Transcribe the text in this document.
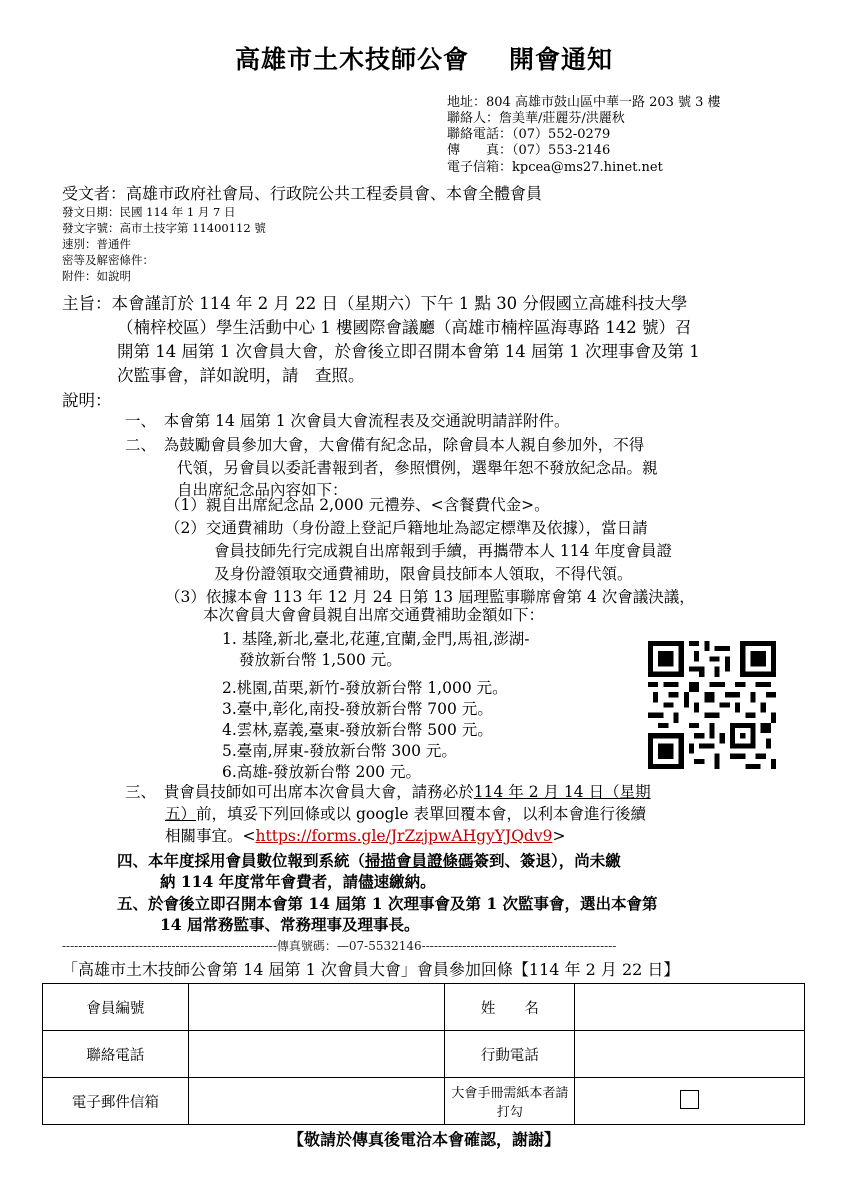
高雄市土木技師公會 開會通知
地址：804 高雄市鼓山區中華一路 203 號 3 樓
聯絡人：詹美華/莊麗芬/洪麗秋
聯絡電話：（07）552-0279
傳　　真：（07）553-2146
電子信箱：kpcea@ms27.hinet.net
受文者：高雄市政府社會局、行政院公共工程委員會、本會全體會員
發文日期：民國 114 年 1 月 7 日
發文字號：高市土技字第 11400112 號
速別：普通件
密等及解密條件：
附件：如說明
主旨：本會謹訂於 114 年 2 月 22 日（星期六）下午 1 點 30 分假國立高雄科技大學
（楠梓校區）學生活動中心 1 樓國際會議廳（高雄市楠梓區海專路 142 號）召
開第 14 屆第 1 次會員大會，於會後立即召開本會第 14 屆第 1 次理事會及第 1
次監事會，詳如說明，請　查照。
說明：
一、　本會第 14 屆第 1 次會員大會流程表及交通說明請詳附件。
二、　為鼓勵會員參加大會，大會備有紀念品，除會員本人親自參加外，不得
代領，另會員以委託書報到者，參照慣例，選舉年恕不發放紀念品。親
自出席紀念品內容如下：
（1）親自出席紀念品 2,000 元禮券、<含餐費代金>。
（2）交通費補助（身份證上登記戶籍地址為認定標準及依據），當日請
會員技師先行完成親自出席報到手續，再攜帶本人 114 年度會員證
及身份證領取交通費補助，限會員技師本人領取，不得代領。
（3）依據本會 113 年 12 月 24 日第 13 屆理監事聯席會第 4 次會議決議，
本次會員大會會員親自出席交通費補助金額如下：
1. 基隆,新北,臺北,花蓮,宜蘭,金門,馬祖,澎湖-
發放新台幣 1,500 元。
2.桃園,苗栗,新竹-發放新台幣 1,000 元。
3.臺中,彰化,南投-發放新台幣 700 元。
4.雲林,嘉義,臺東-發放新台幣 500 元。
5.臺南,屏東-發放新台幣 300 元。
6.高雄-發放新台幣 200 元。
三、　貴會員技師如可出席本次會員大會，請務必於114 年 2 月 14 日（星期
五）前，填妥下列回條或以 google 表單回覆本會，以利本會進行後續
相關事宜。<https://forms.gle/JrZzjpwAHgyYJQdv9>
四、本年度採用會員數位報到系統（掃描會員證條碼簽到、簽退），尚未繳
納 114 年度常年會費者，請儘速繳納。
五、於會後立即召開本會第 14 屆第 1 次理事會及第 1 次監事會，選出本會第
14 屆常務監事、常務理事及理事長。
-----------------------------------------------------傳真號碼：—07-5532146------------------------------------------------
「高雄市土木技師公會第 14 屆第 1 次會員大會」會員參加回條【114 年 2 月 22 日】
會員編號		姓　　名	
聯絡電話		行動電話	
電子郵件信箱		大會手冊需紙本者請打勾	
【敬請於傳真後電洽本會確認，謝謝】
